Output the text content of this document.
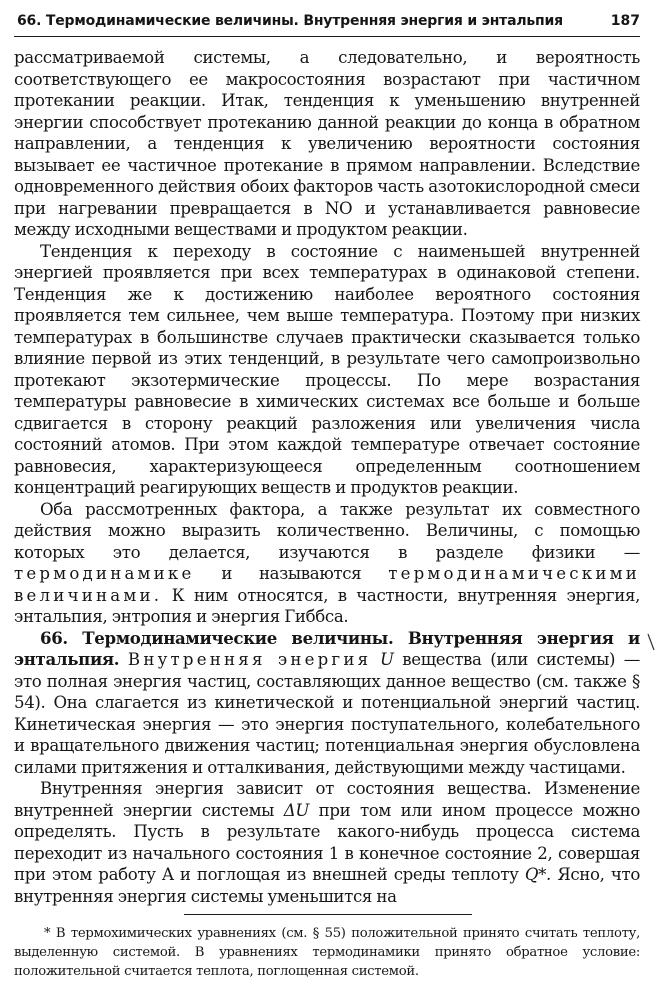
66. Термодинамические величины. Внутренняя энергия и энтальпия	187

рассматриваемой системы, а следовательно, и вероятность соответствующего ее макросостояния возрастают при частичном протекании реакции. Итак, тенденция к уменьшению внутренней энергии способствует протеканию данной реакции до конца в обратном направлении, а тенденция к увеличению вероятности состояния вызывает ее частичное протекание в прямом направлении. Вследствие одновременного действия обоих факторов часть азотокислородной смеси при нагревании превращается в NO и устанавливается равновесие между исходными веществами и продуктом реакции.

Тенденция к переходу в состояние с наименьшей внутренней энергией проявляется при всех температурах в одинаковой степени. Тенденция же к достижению наиболее вероятного состояния проявляется тем сильнее, чем выше температура. Поэтому при низких температурах в большинстве случаев практически сказывается только влияние первой из этих тенденций, в результате чего самопроизвольно протекают экзотермические процессы. По мере возрастания температуры равновесие в химических системах все больше и больше сдвигается в сторону реакций разложения или увеличения числа состояний атомов. При этом каждой температуре отвечает состояние равновесия, характеризующееся определенным соотношением концентраций реагирующих веществ и продуктов реакции.

Оба рассмотренных фактора, а также результат их совместного действия можно выразить количественно. Величины, с помощью которых это делается, изучаются в разделе физики — термодинамике и называются термодинамическими величинами. К ним относятся, в частности, внутренняя энергия, энтальпия, энтропия и энергия Гиббса.

66. Термодинамические величины. Внутренняя энергия и энтальпия. Внутренняя энергия U вещества (или системы) — это полная энергия частиц, составляющих данное вещество (см. также § 54). Она слагается из кинетической и потенциальной энергий частиц. Кинетическая энергия — это энергия поступательного, колебательного и вращательного движения частиц; потенциальная энергия обусловлена силами притяжения и отталкивания, действующими между частицами.

Внутренняя энергия зависит от состояния вещества. Изменение внутренней энергии системы ΔU при том или ином процессе можно определять. Пусть в результате какого-нибудь процесса система переходит из начального состояния 1 в конечное состояние 2, совершая при этом работу A и поглощая из внешней среды теплоту Q*. Ясно, что внутренняя энергия системы уменьшится на

* В термохимических уравнениях (см. § 55) положительной принято считать теплоту, выделенную системой. В уравнениях термодинамики принято обратное условие: положительной считается теплота, поглощенная системой.
